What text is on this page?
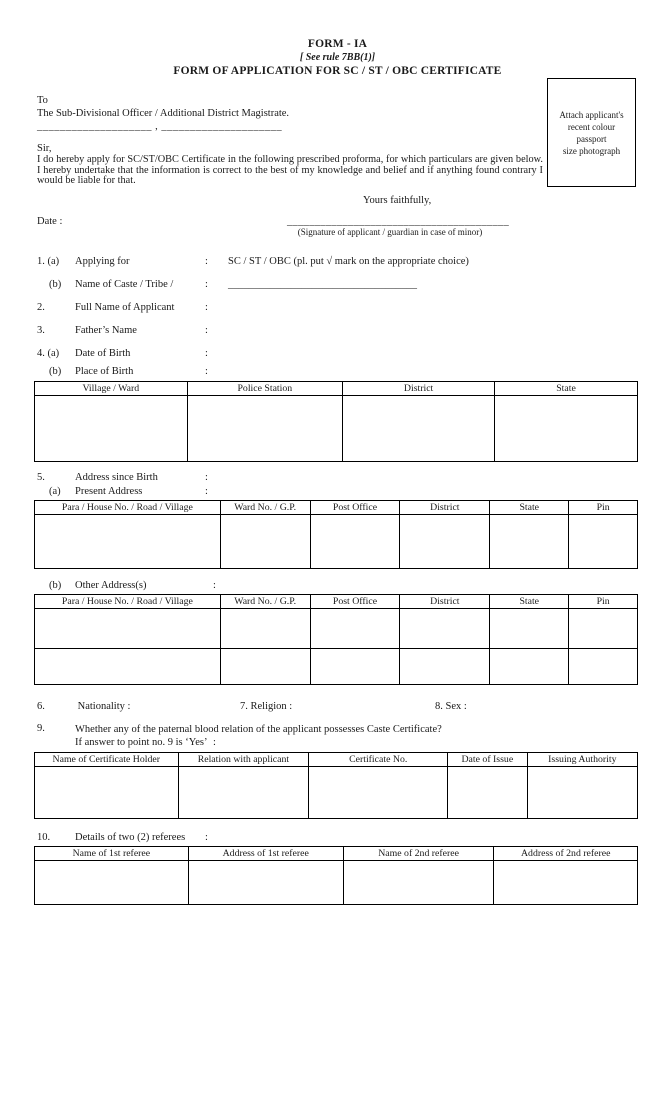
Attach applicant's
recent colour
passport
size photograph
FORM - IA
[ See rule 7BB(1)]
FORM OF APPLICATION FOR SC / ST / OBC CERTIFICATE
To
The Sub-Divisional Officer / Additional District Magistrate.
____________________ , _____________________
Sir,
I do hereby apply for SC/ST/OBC Certificate in the following prescribed proforma, for which particulars are given below. I hereby undertake that the information is correct to the best of my knowledge and belief and if anything found contrary I would be liable for that.
Yours faithfully,
Date :	________________________________________
(Signature of applicant / guardian in case of minor)
1. (a)	Applying for	:	SC / ST / OBC (pl. put √ mark on the appropriate choice)
(b)	Name of Caste / Tribe /	:	____________________________________
2.	Full Name of Applicant	:
3.	Father’s Name	:
4. (a)	Date of Birth	:
(b)	Place of Birth	:
Village / Ward	Police Station	District	State

5.	Address since Birth	:
(a)	Present Address	:
Para / House No. / Road / Village	Ward No. / G.P.	Post Office	District	State	Pin

(b)	Other Address(s)	:
Para / House No. / Road / Village	Ward No. / G.P.	Post Office	District	State	Pin

6.	Nationality :	7. Religion :	8. Sex :
9.	Whether any of the paternal blood relation of the applicant possesses Caste Certificate?
If answer to point no. 9 is ‘Yes’ :
Name of Certificate Holder	Relation with applicant	Certificate No.	Date of Issue	Issuing Authority

10.	Details of two (2) referees	:
Name of 1st referee	Address of 1st referee	Name of 2nd referee	Address of 2nd referee
